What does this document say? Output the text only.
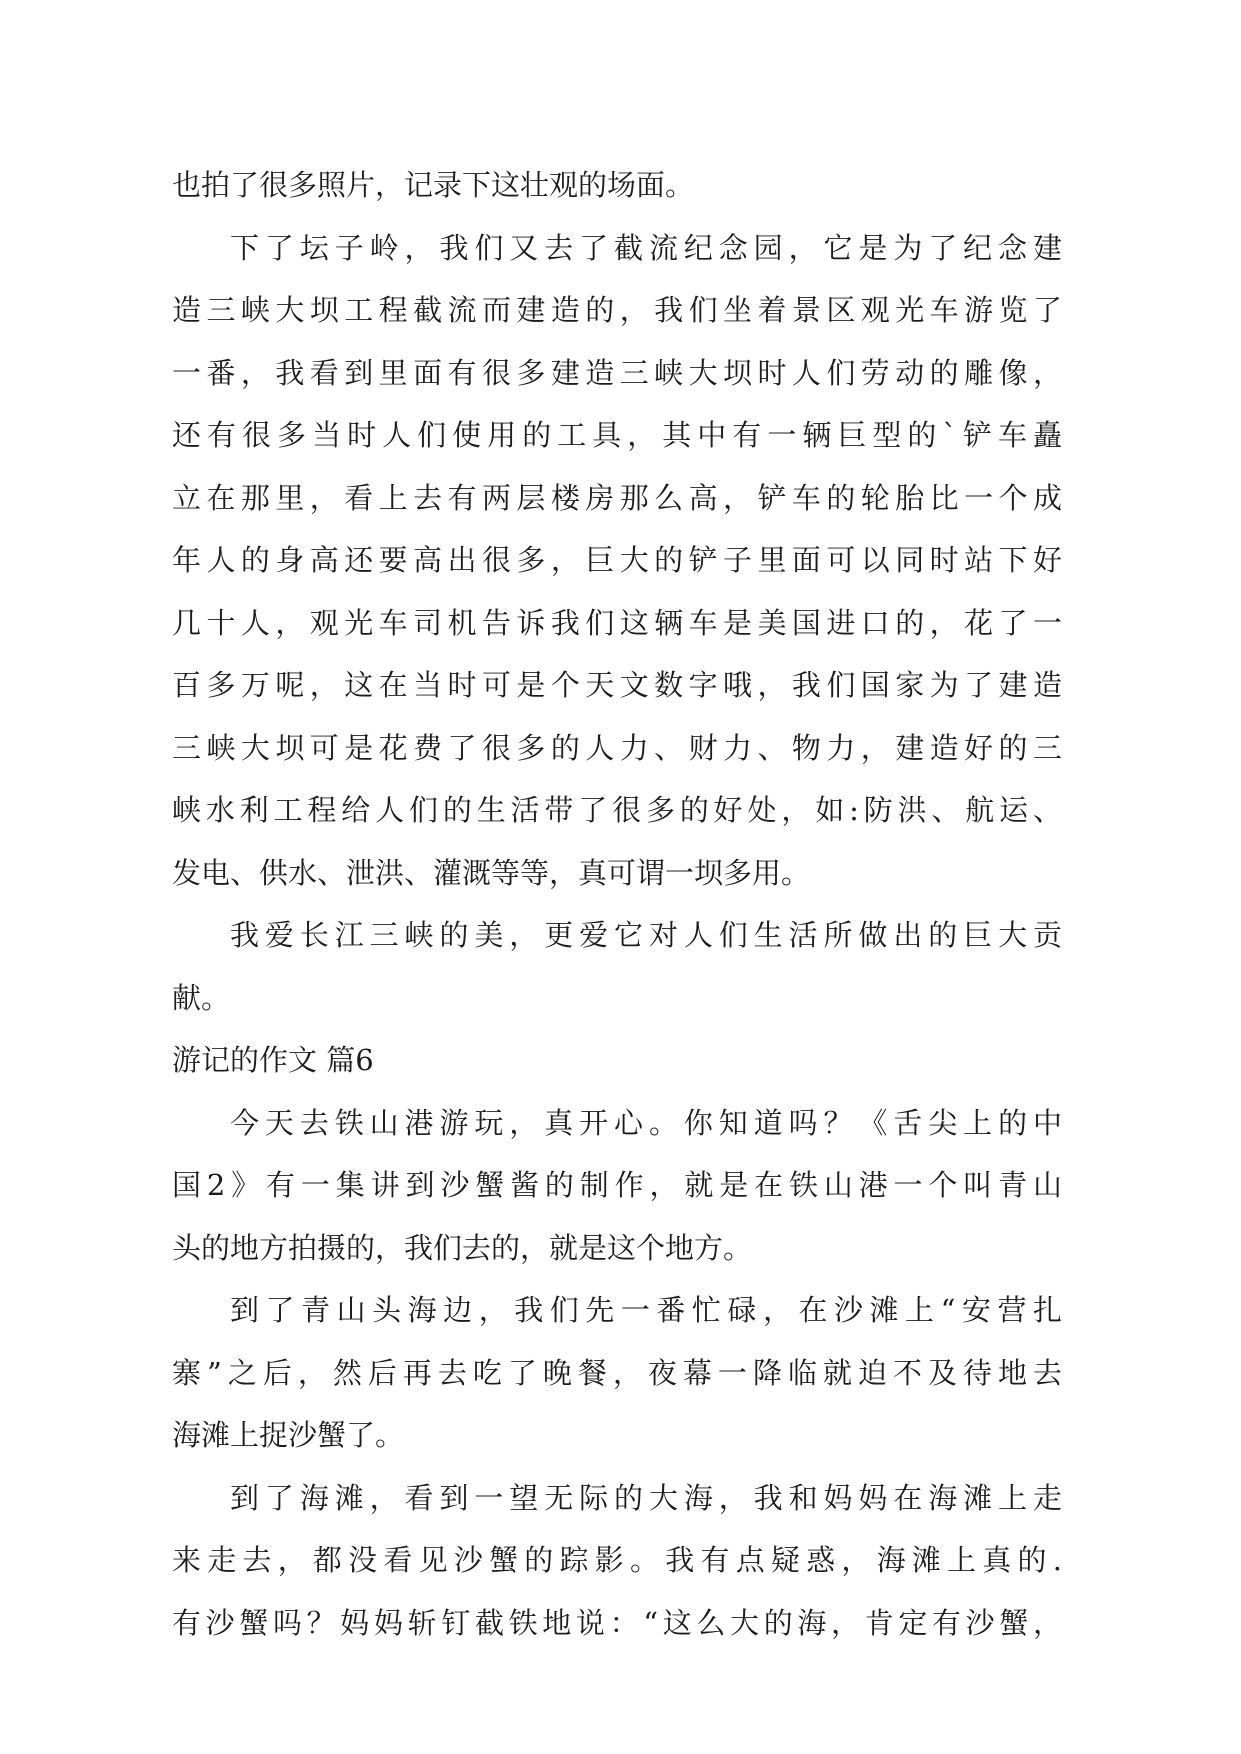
也拍了很多照片，记录下这壮观的场面。
下了坛子岭，我们又去了截流纪念园，它是为了纪念建
造三峡大坝工程截流而建造的，我们坐着景区观光车游览了
一番，我看到里面有很多建造三峡大坝时人们劳动的雕像，
还有很多当时人们使用的工具，其中有一辆巨型的`铲车矗
立在那里，看上去有两层楼房那么高，铲车的轮胎比一个成
年人的身高还要高出很多，巨大的铲子里面可以同时站下好
几十人，观光车司机告诉我们这辆车是美国进口的，花了一
百多万呢，这在当时可是个天文数字哦，我们国家为了建造
三峡大坝可是花费了很多的人力、财力、物力，建造好的三
峡水利工程给人们的生活带了很多的好处，如:防洪、航运、
发电、供水、泄洪、灌溉等等，真可谓一坝多用。
我爱长江三峡的美，更爱它对人们生活所做出的巨大贡
献。
游记的作文 篇6
今天去铁山港游玩，真开心。你知道吗？《舌尖上的中
国2》有一集讲到沙蟹酱的制作，就是在铁山港一个叫青山
头的地方拍摄的，我们去的，就是这个地方。
到了青山头海边，我们先一番忙碌，在沙滩上“安营扎
寨”之后，然后再去吃了晚餐，夜幕一降临就迫不及待地去
海滩上捉沙蟹了。
到了海滩，看到一望无际的大海，我和妈妈在海滩上走
来走去，都没看见沙蟹的踪影。我有点疑惑，海滩上真的.
有沙蟹吗？妈妈斩钉截铁地说：“这么大的海，肯定有沙蟹，
